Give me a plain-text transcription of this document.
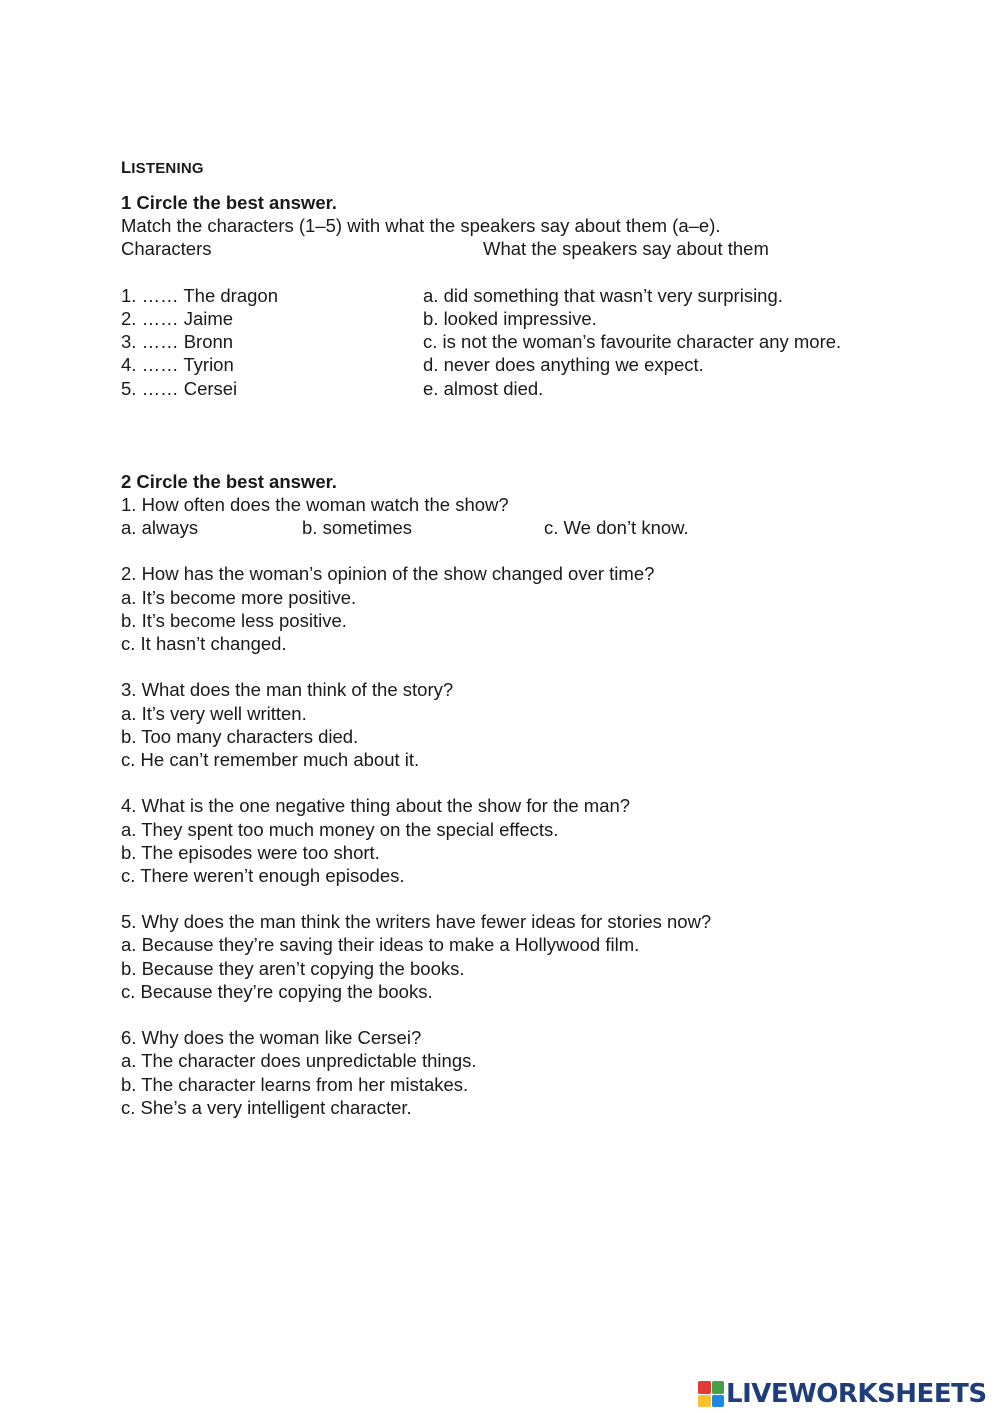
LISTENING
1 Circle the best answer.
Match the characters (1–5) with what the speakers say about them (a–e).
Characters	What the speakers say about them
1. …… The dragon	a. did something that wasn’t very surprising.
2. …… Jaime	b. looked impressive.
3. …… Bronn	c. is not the woman’s favourite character any more.
4. …… Tyrion	d. never does anything we expect.
5. …… Cersei	e. almost died.
2 Circle the best answer.
1. How often does the woman watch the show?
a. always	b. sometimes	c. We don’t know.
2. How has the woman’s opinion of the show changed over time?
a. It’s become more positive.
b. It’s become less positive.
c. It hasn’t changed.
3. What does the man think of the story?
a. It’s very well written.
b. Too many characters died.
c. He can’t remember much about it.
4. What is the one negative thing about the show for the man?
a. They spent too much money on the special effects.
b. The episodes were too short.
c. There weren’t enough episodes.
5. Why does the man think the writers have fewer ideas for stories now?
a. Because they’re saving their ideas to make a Hollywood film.
b. Because they aren’t copying the books.
c. Because they’re copying the books.
6. Why does the woman like Cersei?
a. The character does unpredictable things.
b. The character learns from her mistakes.
c. She’s a very intelligent character.
LIVEWORKSHEETS
